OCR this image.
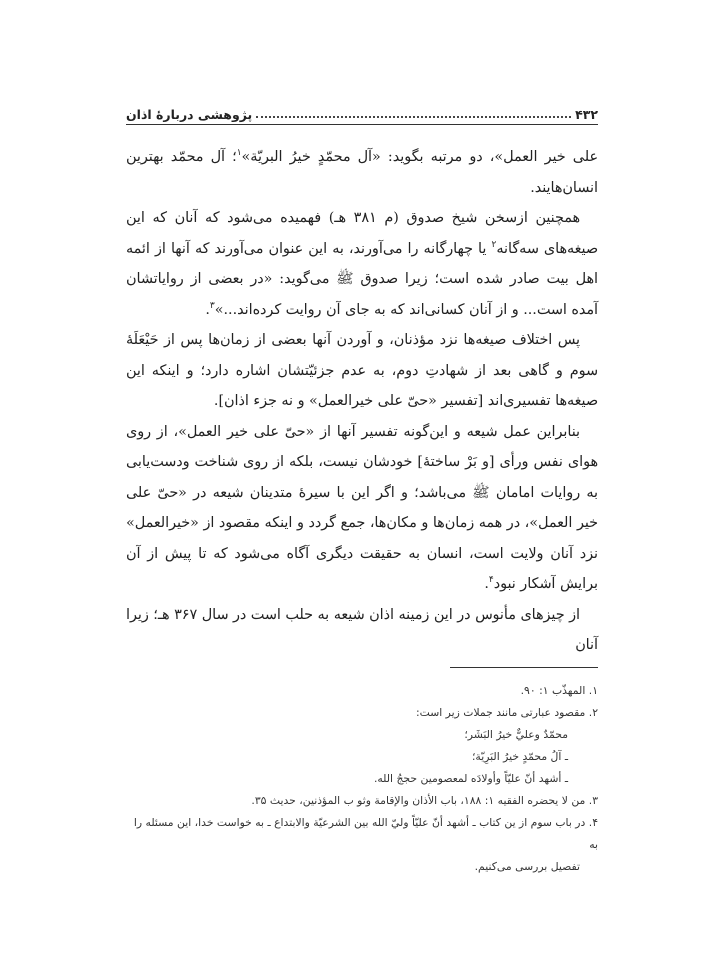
۴۳۲
پژوهشی دربارهٔ اذان

علی خیر العمل»، دو مرتبه بگوید: «آل محمّدٍ خیرُ البریّة»$^۱$؛ آل محمّد بهترین انسان‌هایند.

همچنین ازسخن شیخ صدوق (م ۳۸۱ هـ) فهمیده می‌شود که آنان که این صیغه‌های سه‌گانه$^۲$ یا چهارگانه را می‌آورند، به این عنوان می‌آورند که آنها از ائمه اهل بیت صادر شده است؛ زیرا صدوق ﷺ می‌گوید: «در بعضی از روایاتشان آمده است... و از آنان کسانی‌اند که به جای آن روایت کرده‌اند...»$^۳$.

پس اختلاف صیغه‌ها نزد مؤذنان، و آوردن آنها بعضی از زمان‌ها پس از حَیْعَلَهٔ سوم و گاهی بعد از شهادتِ دوم، به عدم جزئیّتشان اشاره دارد؛ و اینکه این صیغه‌ها تفسیری‌اند [تفسیر «حیّ علی خیرالعمل» و نه جزء اذان].

بنابراین عمل شیعه و این‌گونه تفسیر آنها از «حیّ علی خیر العمل»، از روی هوای نفس ورأی [و بَرْ ساختهٔ] خودشان نیست، بلکه از روی شناخت ودست‌یابی به روایات امامان ﷺ می‌باشد؛ و اگر این با سیرهٔ متدینان شیعه در «حیّ علی خیر العمل»، در همه زمان‌ها و مکان‌ها، جمع گردد و اینکه مقصود از «خیرالعمل» نزد آنان ولایت است، انسان به حقیقت دیگری آگاه می‌شود که تا پیش از آن برایش آشکار نبود$^۴$.

از چیزهای مأنوس در این زمینه اذان شیعه به حلب است در سال ۳۶۷ هـ؛ زیرا آنان

۱. المهذّب ۱: ۹۰.

۲. مقصود عبارتی مانند جملات زیر است:

محمّدٌ وعليٌّ خيرُ البَشَر؛

ـ آلُ محمّدٍ خيرُ البَرِيّة؛

ـ أشهد أنّ عليّاً وأولادَه لمعصومين حججُ الله.

۳. من لا يحضره الفقيه ۱: ۱۸۸، باب الأذان والإقامة وثو ب المؤذنين، حديث ۳۵.

۴. در باب سوم از ین کتاب ـ أشهد أنّ عليّاً وليّ الله بين الشرعيّة والابتداع ـ به خواست خدا، این مسئله را به

تفصيل بررسی می‌کنیم.
